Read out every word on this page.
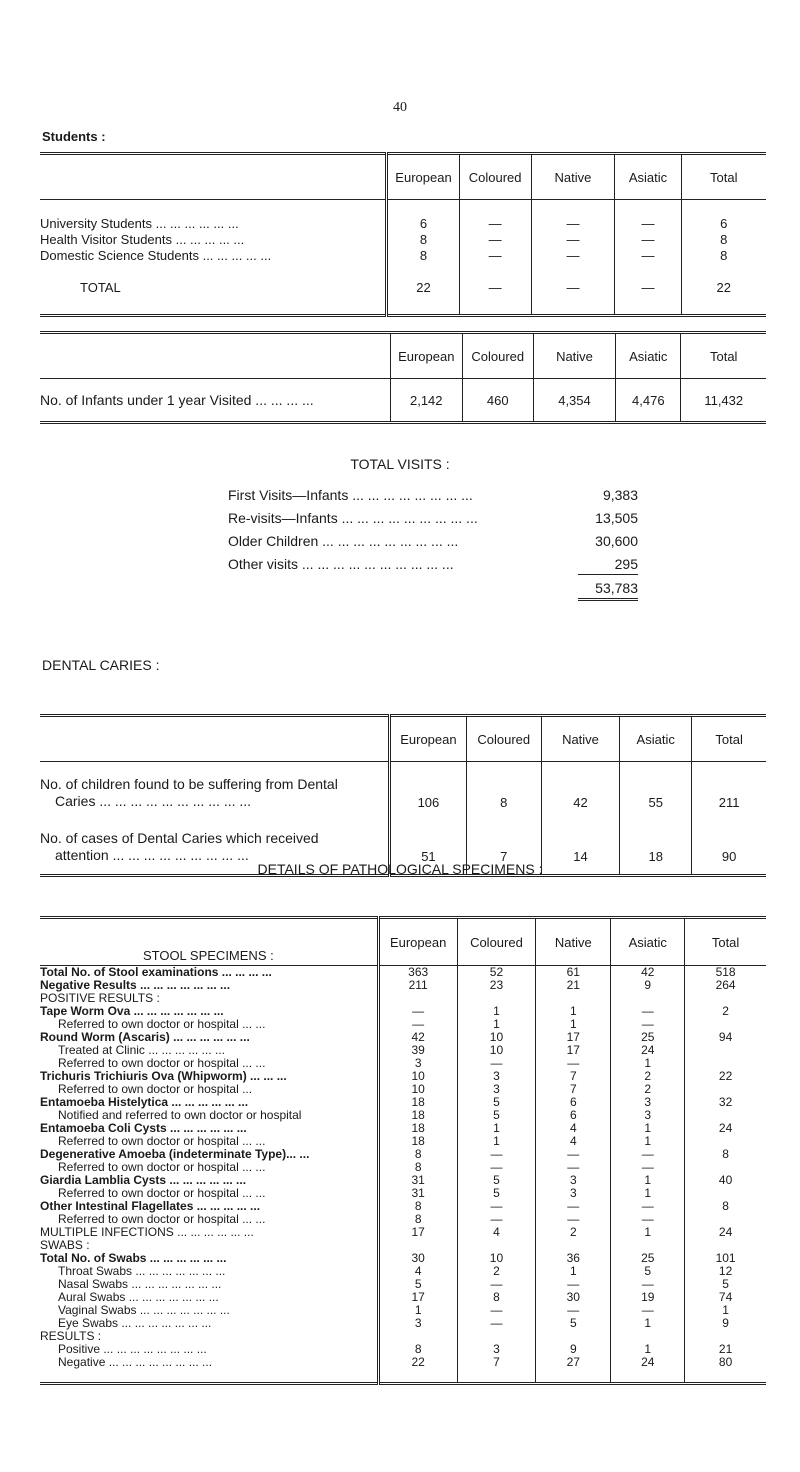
40
Students :
	European	Coloured	Native	Asiatic	Total

University Students ... ... ... ... ... ...	6	—	—	—	6
Health Visitor Students ... ... ... ... ...	8	—	—	—	8
Domestic Science Students ... ... ... ... ...	8	—	—	—	8

TOTAL	22	—	—	—	22

	European	Coloured	Native	Asiatic	Total
No. of Infants under 1 year Visited ... ... ... ...	2,142	460	4,354	4,476	11,432
TOTAL VISITS :
First Visits—Infants ... ... ... ... ... ... ... ...	9,383
Re-visits—Infants ... ... ... ... ... ... ... ... ...	13,505
Older Children ... ... ... ... ... ... ... ... ...	30,600
Other visits ... ... ... ... ... ... ... ... ... ...	295
53,783
DENTAL CARIES :
	European	Coloured	Native	Asiatic	Total

No. of children found to be suffering from Dental
Caries ... ... ... ... ... ... ... ... ... ...	106	8	42	55	211

No. of cases of Dental Caries which received
attention ... ... ... ... ... ... ... ... ...	51	7	14	18	90
DETAILS OF PATHOLOGICAL SPECIMENS :
STOOL SPECIMENS :	European	Coloured	Native	Asiatic	Total
Total No. of Stool examinations ... ... ... ...	363	52	61	42	518
Negative Results ... ... ... ... ... ... ...	211	23	21	9	264
POSITIVE RESULTS :					
Tape Worm Ova ... ... ... ... ... ... ...	—	1	1	—	2
Referred to own doctor or hospital ... ...	—	1	1	—	
Round Worm (Ascaris) ... ... ... ... ... ...	42	10	17	25	94
Treated at Clinic ... ... ... ... ... ...	39	10	17	24	
Referred to own doctor or hospital ... ...	3	—	—	1	
Trichuris Trichiuris Ova (Whipworm) ... ... ...	10	3	7	2	22
Referred to own doctor or hospital ...	10	3	7	2	
Entamoeba Histelytica ... ... ... ... ... ...	18	5	6	3	32
Notified and referred to own doctor or hospital	18	5	6	3	
Entamoeba Coli Cysts ... ... ... ... ... ...	18	1	4	1	24
Referred to own doctor or hospital ... ...	18	1	4	1	
Degenerative Amoeba (indeterminate Type)... ...	8	—	—	—	8
Referred to own doctor or hospital ... ...	8	—	—	—	
Giardia Lamblia Cysts ... ... ... ... ... ...	31	5	3	1	40
Referred to own doctor or hospital ... ...	31	5	3	1	
Other Intestinal Flagellates ... ... ... ... ...	8	—	—	—	8
Referred to own doctor or hospital ... ...	8	—	—	—	
MULTIPLE INFECTIONS ... ... ... ... ... ...	17	4	2	1	24
SWABS :					
Total No. of Swabs ... ... ... ... ... ...	30	10	36	25	101
Throat Swabs ... ... ... ... ... ... ...	4	2	1	5	12
Nasal Swabs ... ... ... ... ... ... ...	5	—	—	—	5
Aural Swabs ... ... ... ... ... ... ...	17	8	30	19	74
Vaginal Swabs ... ... ... ... ... ... ...	1	—	—	—	1
Eye Swabs ... ... ... ... ... ... ...	3	—	5	1	9
RESULTS :					
Positive ... ... ... ... ... ... ... ...	8	3	9	1	21
Negative ... ... ... ... ... ... ... ...	22	7	27	24	80
